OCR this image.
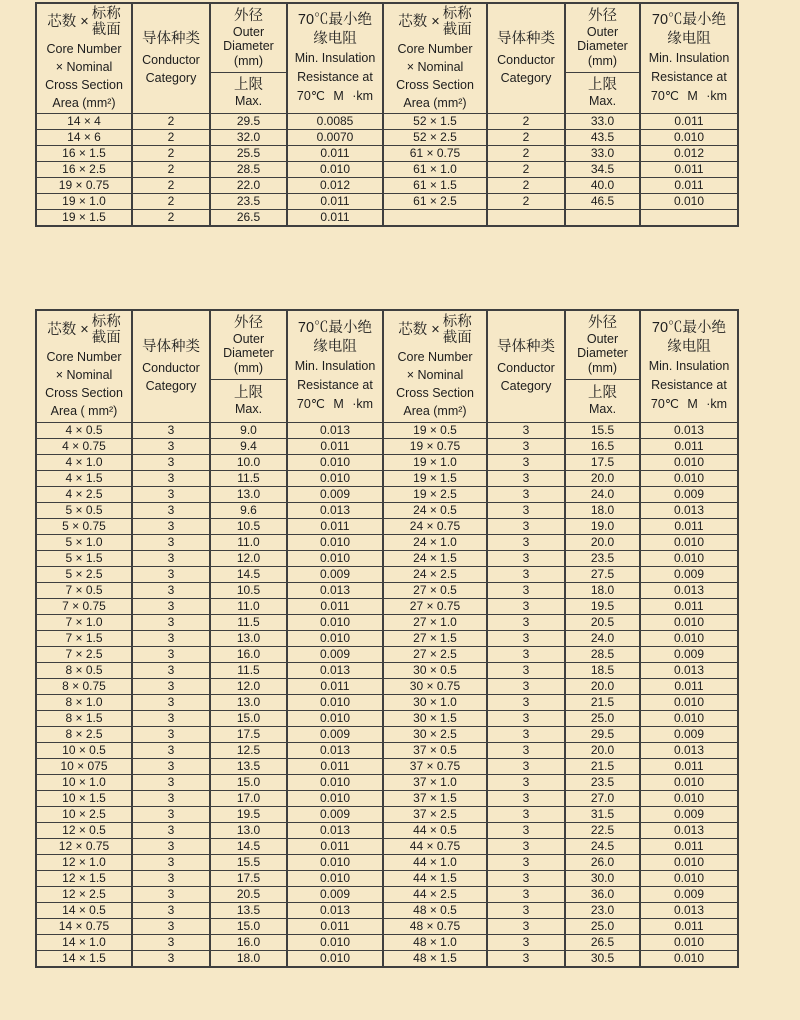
芯数 ×
标称
截面
Core Number
× Nominal
Cross Section
Area (mm²)

导体种类
Conductor
Category

外径
Outer
Diameter
(mm)
上限
Max.

70℃最小绝
缘电阻
Min. Insulation
Resistance at
70℃ M ·km

芯数 ×
标称
截面
Core Number
× Nominal
Cross Section
Area (mm²)

导体种类
Conductor
Category

外径
Outer
Diameter
(mm)
上限
Max.

70℃最小绝
缘电阻
Min. Insulation
Resistance at
70℃ M ·km

14 × 4	2	29.5	0.0085	52 × 1.5	2	33.0	0.011
14 × 6	2	32.0	0.0070	52 × 2.5	2	43.5	0.010
16 × 1.5	2	25.5	0.011	61 × 0.75	2	33.0	0.012
16 × 2.5	2	28.5	0.010	61 × 1.0	2	34.5	0.011
19 × 0.75	2	22.0	0.012	61 × 1.5	2	40.0	0.011
19 × 1.0	2	23.5	0.011	61 × 2.5	2	46.5	0.010
19 × 1.5	2	26.5	0.011				
芯数 ×
标称
截面
Core Number
× Nominal
Cross Section
Area ( mm²)

导体种类
Conductor
Category

外径
Outer
Diameter
(mm)
上限
Max.

70℃最小绝
缘电阻
Min. Insulation
Resistance at
70℃ M ·km

芯数 ×
标称
截面
Core Number
× Nominal
Cross Section
Area (mm²)

导体种类
Conductor
Category

外径
Outer
Diameter
(mm)
上限
Max.

70℃最小绝
缘电阻
Min. Insulation
Resistance at
70℃ M ·km

4 × 0.5	3	9.0	0.013	19 × 0.5	3	15.5	0.013
4 × 0.75	3	9.4	0.011	19 × 0.75	3	16.5	0.011
4 × 1.0	3	10.0	0.010	19 × 1.0	3	17.5	0.010
4 × 1.5	3	11.5	0.010	19 × 1.5	3	20.0	0.010
4 × 2.5	3	13.0	0.009	19 × 2.5	3	24.0	0.009
5 × 0.5	3	9.6	0.013	24 × 0.5	3	18.0	0.013
5 × 0.75	3	10.5	0.011	24 × 0.75	3	19.0	0.011
5 × 1.0	3	11.0	0.010	24 × 1.0	3	20.0	0.010
5 × 1.5	3	12.0	0.010	24 × 1.5	3	23.5	0.010
5 × 2.5	3	14.5	0.009	24 × 2.5	3	27.5	0.009
7 × 0.5	3	10.5	0.013	27 × 0.5	3	18.0	0.013
7 × 0.75	3	11.0	0.011	27 × 0.75	3	19.5	0.011
7 × 1.0	3	11.5	0.010	27 × 1.0	3	20.5	0.010
7 × 1.5	3	13.0	0.010	27 × 1.5	3	24.0	0.010
7 × 2.5	3	16.0	0.009	27 × 2.5	3	28.5	0.009
8 × 0.5	3	11.5	0.013	30 × 0.5	3	18.5	0.013
8 × 0.75	3	12.0	0.011	30 × 0.75	3	20.0	0.011
8 × 1.0	3	13.0	0.010	30 × 1.0	3	21.5	0.010
8 × 1.5	3	15.0	0.010	30 × 1.5	3	25.0	0.010
8 × 2.5	3	17.5	0.009	30 × 2.5	3	29.5	0.009
10 × 0.5	3	12.5	0.013	37 × 0.5	3	20.0	0.013
10 × 075	3	13.5	0.011	37 × 0.75	3	21.5	0.011
10 × 1.0	3	15.0	0.010	37 × 1.0	3	23.5	0.010
10 × 1.5	3	17.0	0.010	37 × 1.5	3	27.0	0.010
10 × 2.5	3	19.5	0.009	37 × 2.5	3	31.5	0.009
12 × 0.5	3	13.0	0.013	44 × 0.5	3	22.5	0.013
12 × 0.75	3	14.5	0.011	44 × 0.75	3	24.5	0.011
12 × 1.0	3	15.5	0.010	44 × 1.0	3	26.0	0.010
12 × 1.5	3	17.5	0.010	44 × 1.5	3	30.0	0.010
12 × 2.5	3	20.5	0.009	44 × 2.5	3	36.0	0.009
14 × 0.5	3	13.5	0.013	48 × 0.5	3	23.0	0.013
14 × 0.75	3	15.0	0.011	48 × 0.75	3	25.0	0.011
14 × 1.0	3	16.0	0.010	48 × 1.0	3	26.5	0.010
14 × 1.5	3	18.0	0.010	48 × 1.5	3	30.5	0.010
